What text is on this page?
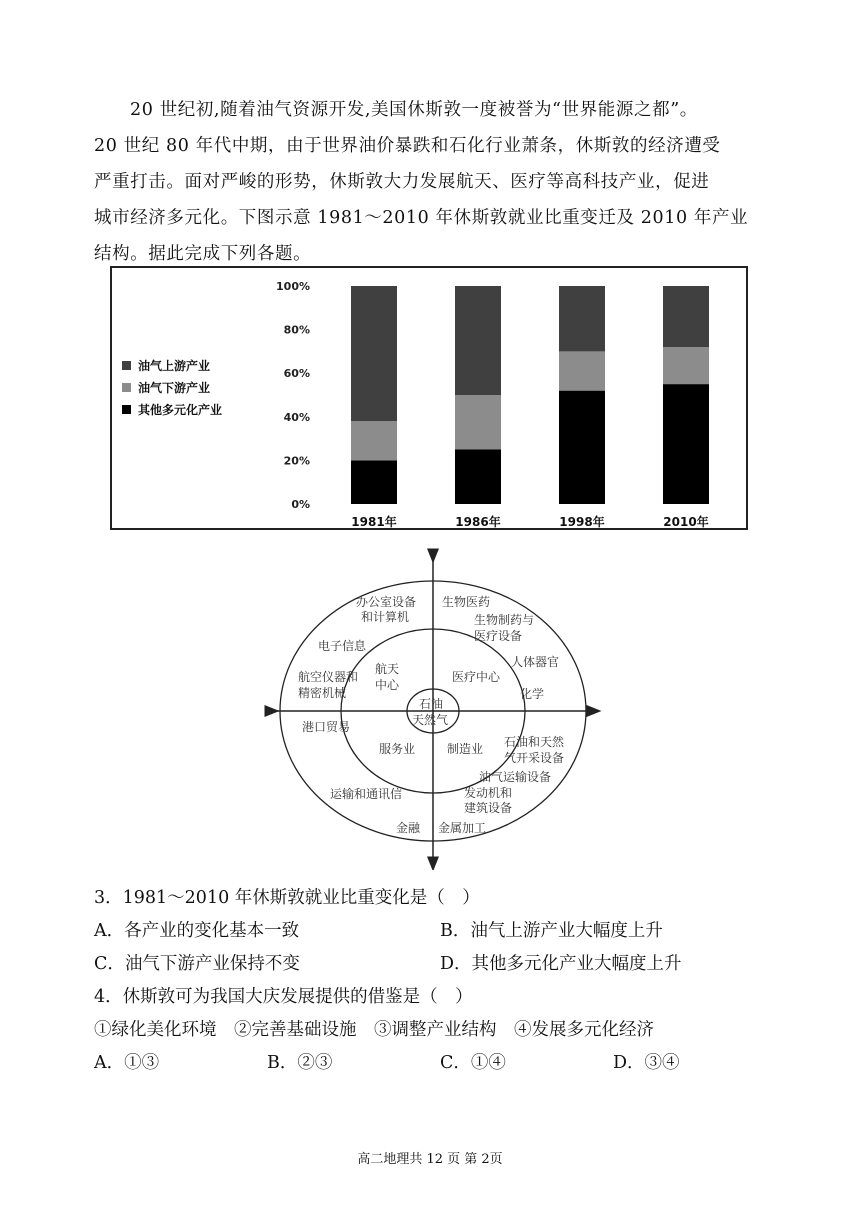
20 世纪初,随着油气资源开发,美国休斯敦一度被誉为“世界能源之都”。

20 世纪 80 年代中期，由于世界油价暴跌和石化行业萧条，休斯敦的经济遭受

严重打击。面对严峻的形势，休斯敦大力发展航天、医疗等高科技产业，促进

城市经济多元化。下图示意 1981～2010 年休斯敦就业比重变迁及 2010 年产业

结构。据此完成下列各题。

0%
20%
40%
60%
80%
100%
1981年	1986年	1998年	2010年
油气上游产业
油气下游产业
其他多元化产业
石油
天然气
航天
中心
医疗中心
服务业	制造业
办公室设备
和计算机
生物医药
生物制药与
医疗设备
电子信息
人体器官
航空仪器和
精密机械	化学
港口贸易
石油和天然
气开采设备
油气运输设备
发动机和
建筑设备
运输和通讯信
金融 金属加工
3．1981～2010 年休斯敦就业比重变化是（　）
A．各产业的变化基本一致	B．油气上游产业大幅度上升
C．油气下游产业保持不变	D．其他多元化产业大幅度上升
4．休斯敦可为我国大庆发展提供的借鉴是（　）
①绿化美化环境　②完善基础设施　③调整产业结构　④发展多元化经济
A．①③	B．②③	C．①④	D．③④
高二地理共 12 页 第 2页
